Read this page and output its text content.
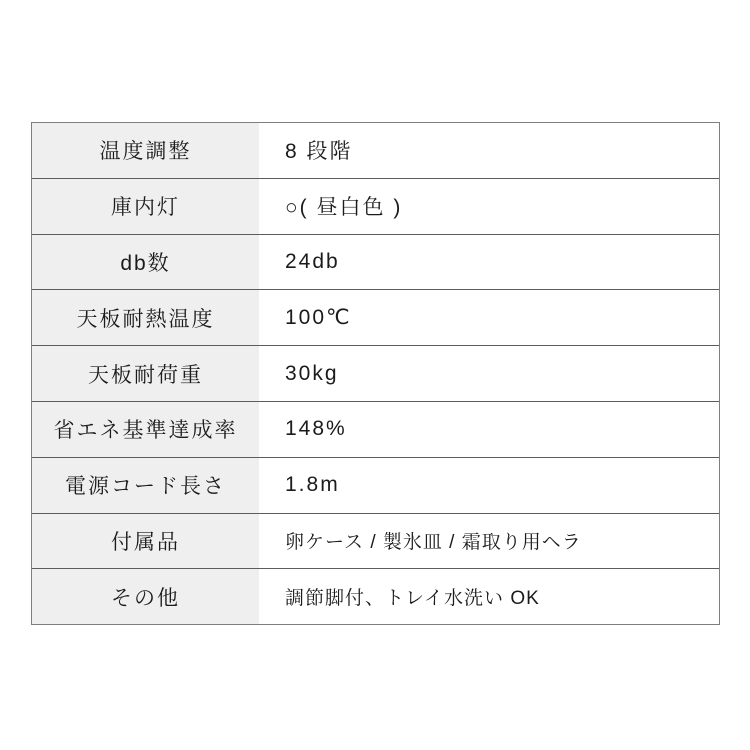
温度調整	8 段階
庫内灯	○( 昼白色 )
db数	24db
天板耐熱温度	100℃
天板耐荷重	30kg
省エネ基準達成率	148%
電源コード長さ	1.8m
付属品	卵ケース / 製氷皿 / 霜取り用ヘラ
その他	調節脚付、トレイ水洗い OK
